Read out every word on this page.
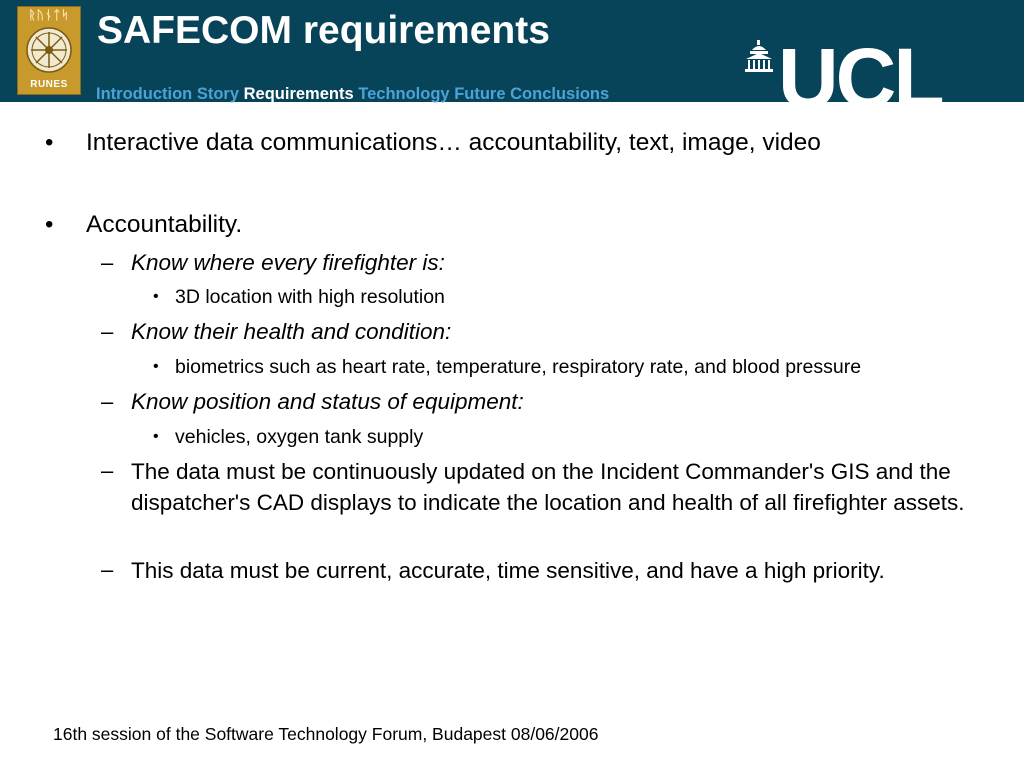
ᚱᚢᚾᛏᛋ
RUNES
SAFECOM requirements
Introduction Story Requirements Technology Future Conclusions UCL
• Interactive data communications… accountability, text, image, video
• Accountability.
– Know where every firefighter is:
• 3D location with high resolution
– Know their health and condition:
• biometrics such as heart rate, temperature, respiratory rate, and blood pressure
– Know position and status of equipment:
• vehicles, oxygen tank supply
– The data must be continuously updated on the Incident Commander's GIS and the dispatcher's CAD displays to indicate the location and health of all firefighter assets.
– This data must be current, accurate, time sensitive, and have a high priority.
16th session of the Software Technology Forum, Budapest 08/06/2006
